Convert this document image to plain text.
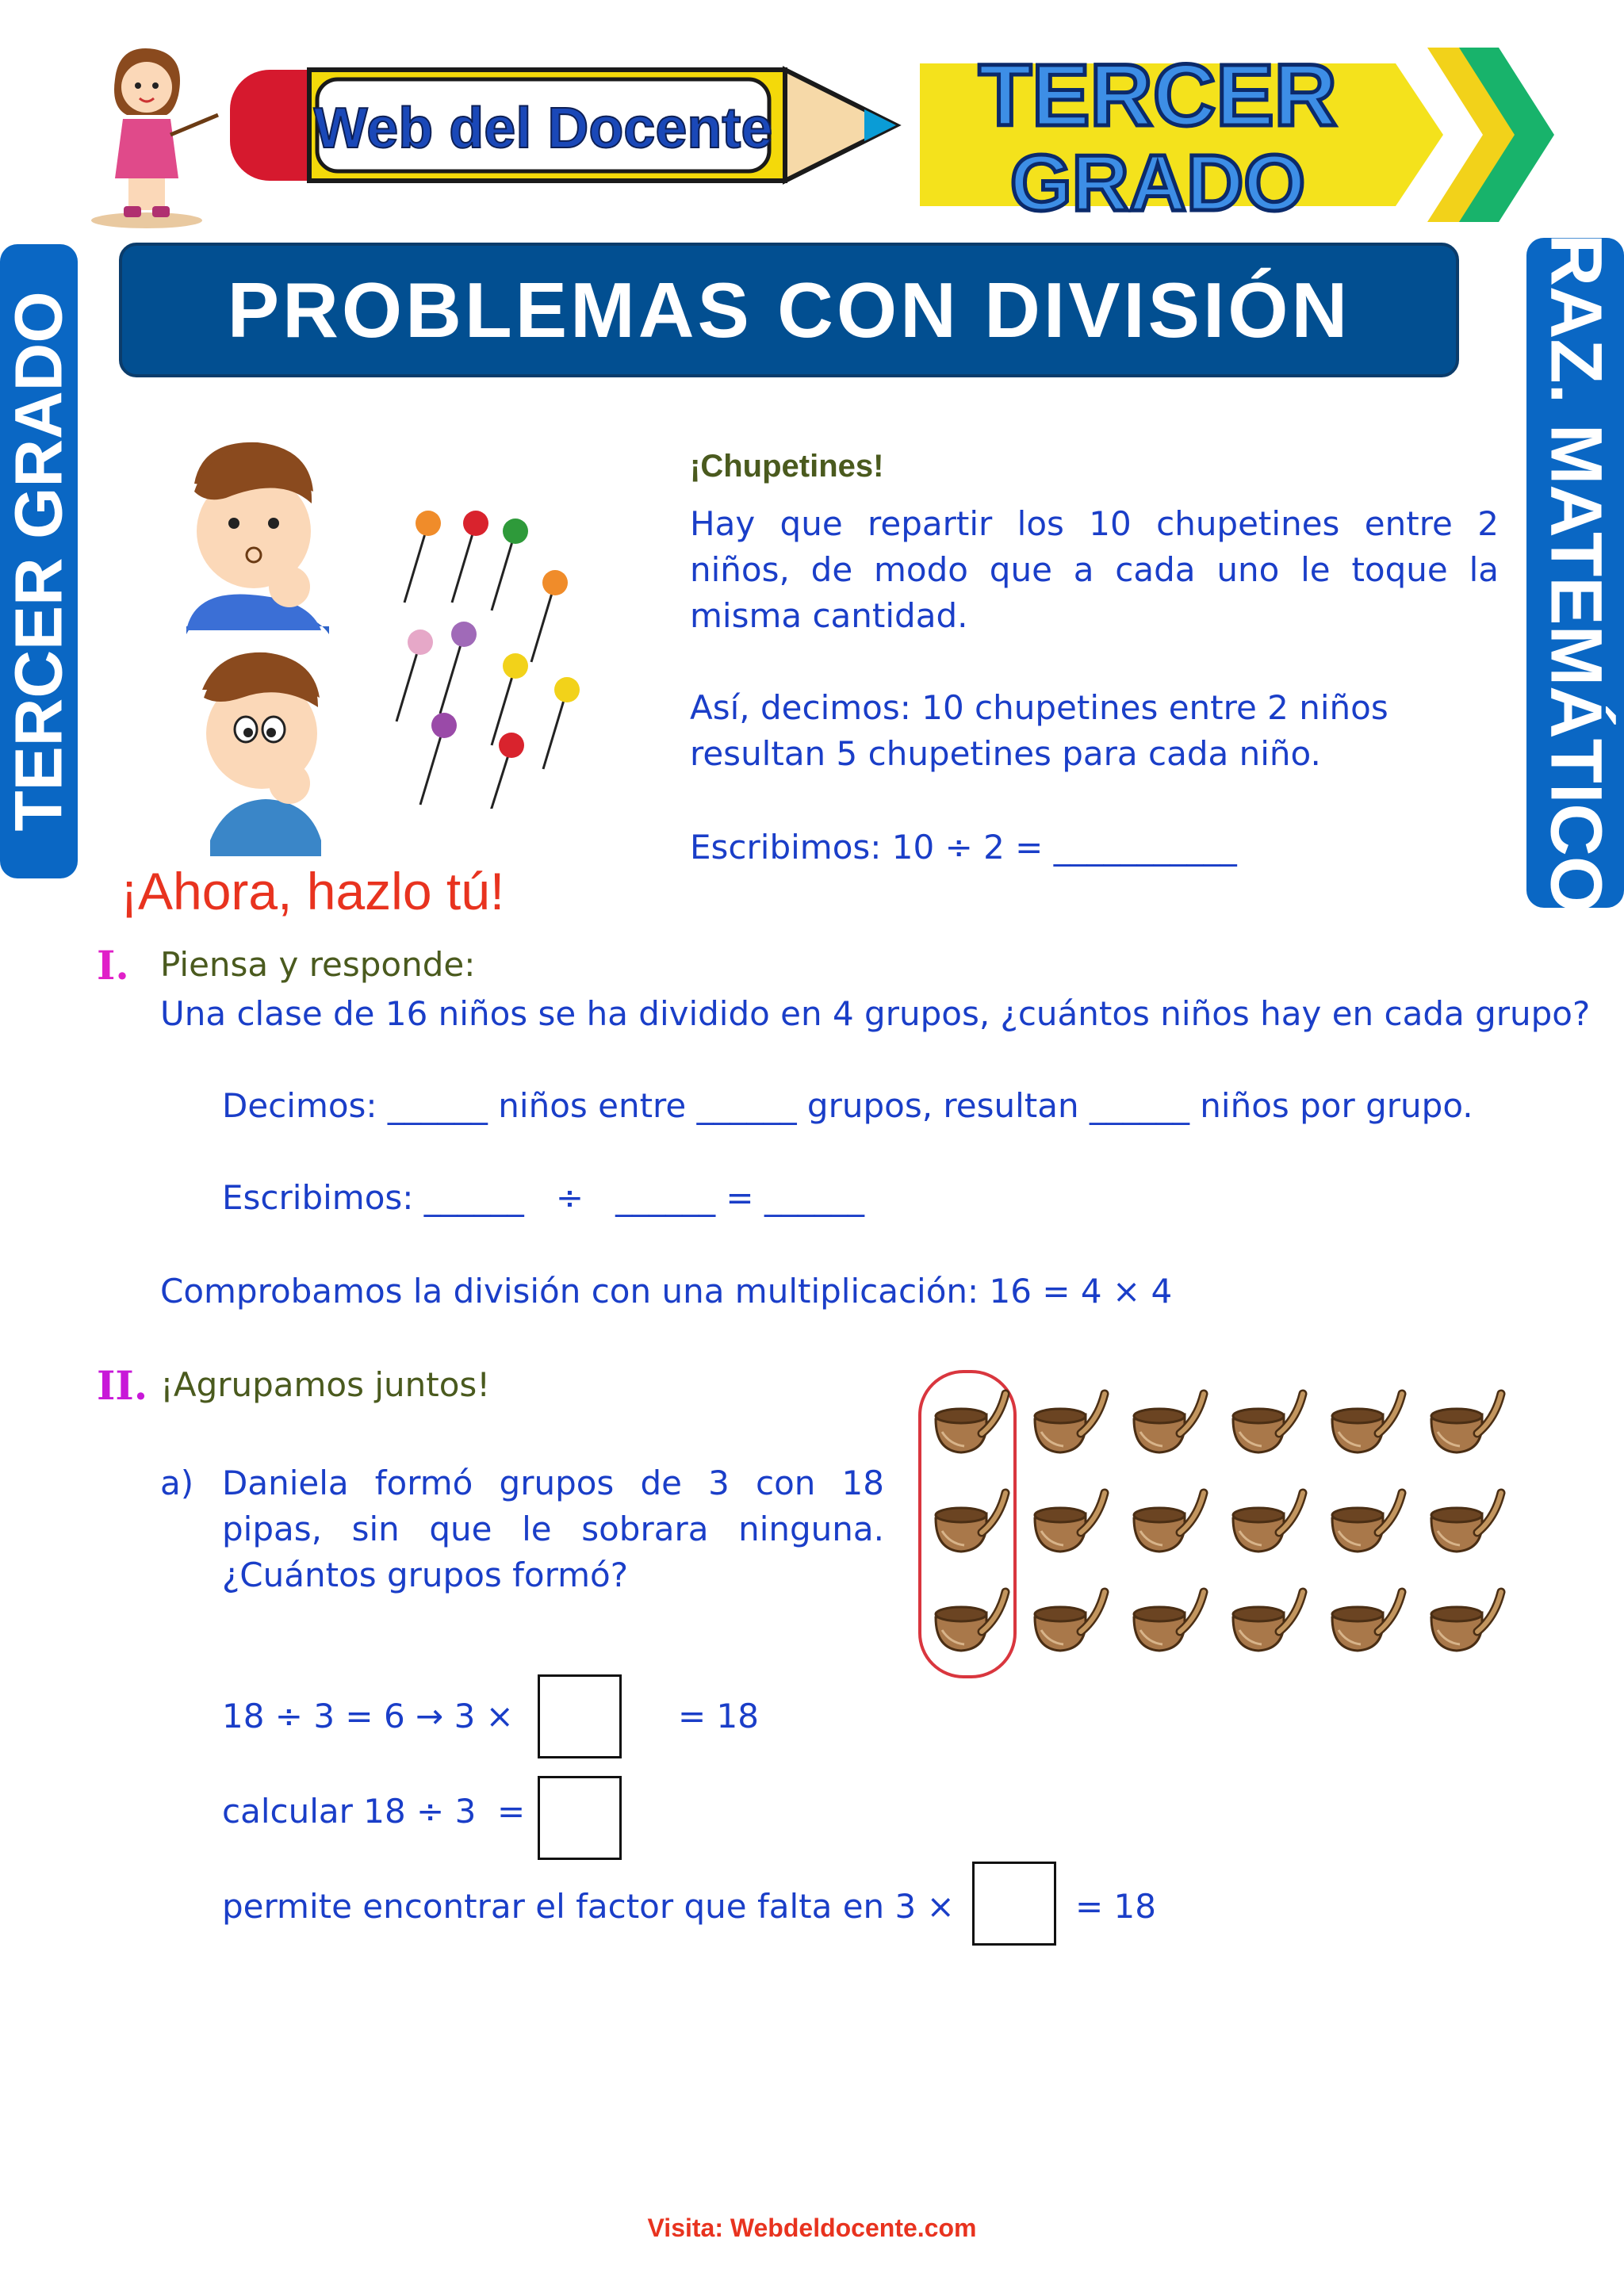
Web del Docente TERCER
GRADO
TERCER GRADO	RAZ. MATEMÁTICO
PROBLEMAS CON DIVISIÓN
¡Chupetines!
Hay que repartir los 10 chupetines entre 2 niños, de modo que a cada uno le toque la misma cantidad.
Así, decimos: 10 chupetines entre 2 niños resultan 5 chupetines para cada niño.
Escribimos: 10 ÷ 2 = ___________
¡Ahora, hazlo tú!
I. Piensa y responde:
Una clase de 16 niños se ha dividido en 4 grupos, ¿cuántos niños hay en cada grupo?
Decimos: ______ niños entre ______ grupos, resultan ______ niños por grupo.
Escribimos: ______   ÷   ______ = ______
Comprobamos la división con una multiplicación: 16 = 4 × 4
II. ¡Agrupamos juntos!
a) Daniela formó grupos de 3 con 18 pipas, sin que le sobrara ninguna. ¿Cuántos grupos formó?
18 ÷ 3 = 6 → 3 ×	= 18
calcular 18 ÷ 3  =
permite encontrar el factor que falta en 3 ×	= 18
Visita: Webdeldocente.com
